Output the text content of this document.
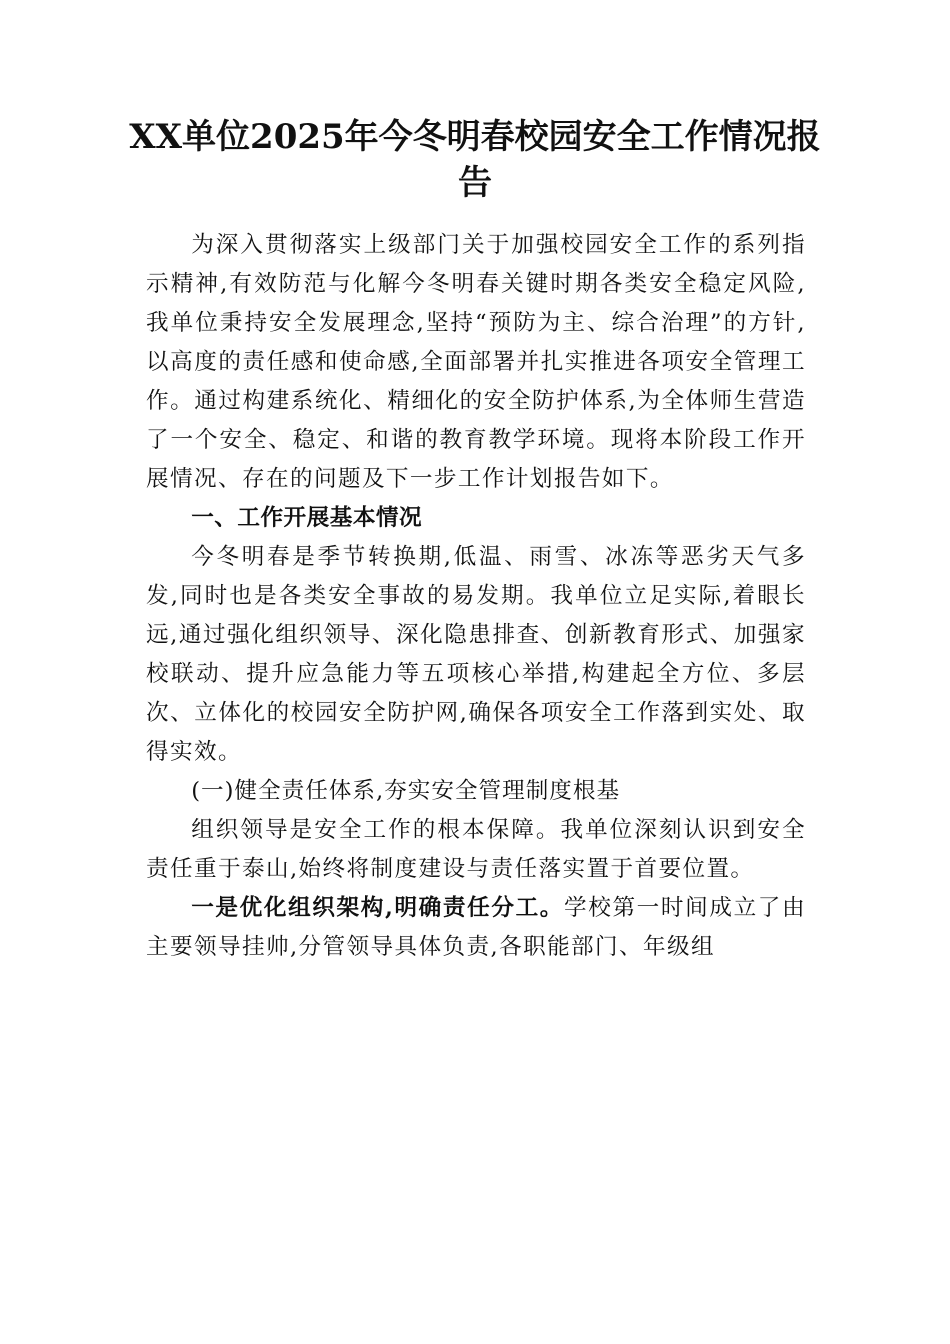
XX单位2025年今冬明春校园安全工作情况报告

为深入贯彻落实上级部门关于加强校园安全工作的系列指示精神,有效防范与化解今冬明春关键时期各类安全稳定风险,我单位秉持安全发展理念,坚持“预防为主、综合治理”的方针,以高度的责任感和使命感,全面部署并扎实推进各项安全管理工作。通过构建系统化、精细化的安全防护体系,为全体师生营造了一个安全、稳定、和谐的教育教学环境。现将本阶段工作开展情况、存在的问题及下一步工作计划报告如下。

一、工作开展基本情况

今冬明春是季节转换期,低温、雨雪、冰冻等恶劣天气多发,同时也是各类安全事故的易发期。我单位立足实际,着眼长远,通过强化组织领导、深化隐患排查、创新教育形式、加强家校联动、提升应急能力等五项核心举措,构建起全方位、多层次、立体化的校园安全防护网,确保各项安全工作落到实处、取得实效。

(一)健全责任体系,夯实安全管理制度根基

组织领导是安全工作的根本保障。我单位深刻认识到安全责任重于泰山,始终将制度建设与责任落实置于首要位置。

一是优化组织架构,明确责任分工。学校第一时间成立了由主要领导挂帅,分管领导具体负责,各职能部门、年级组
